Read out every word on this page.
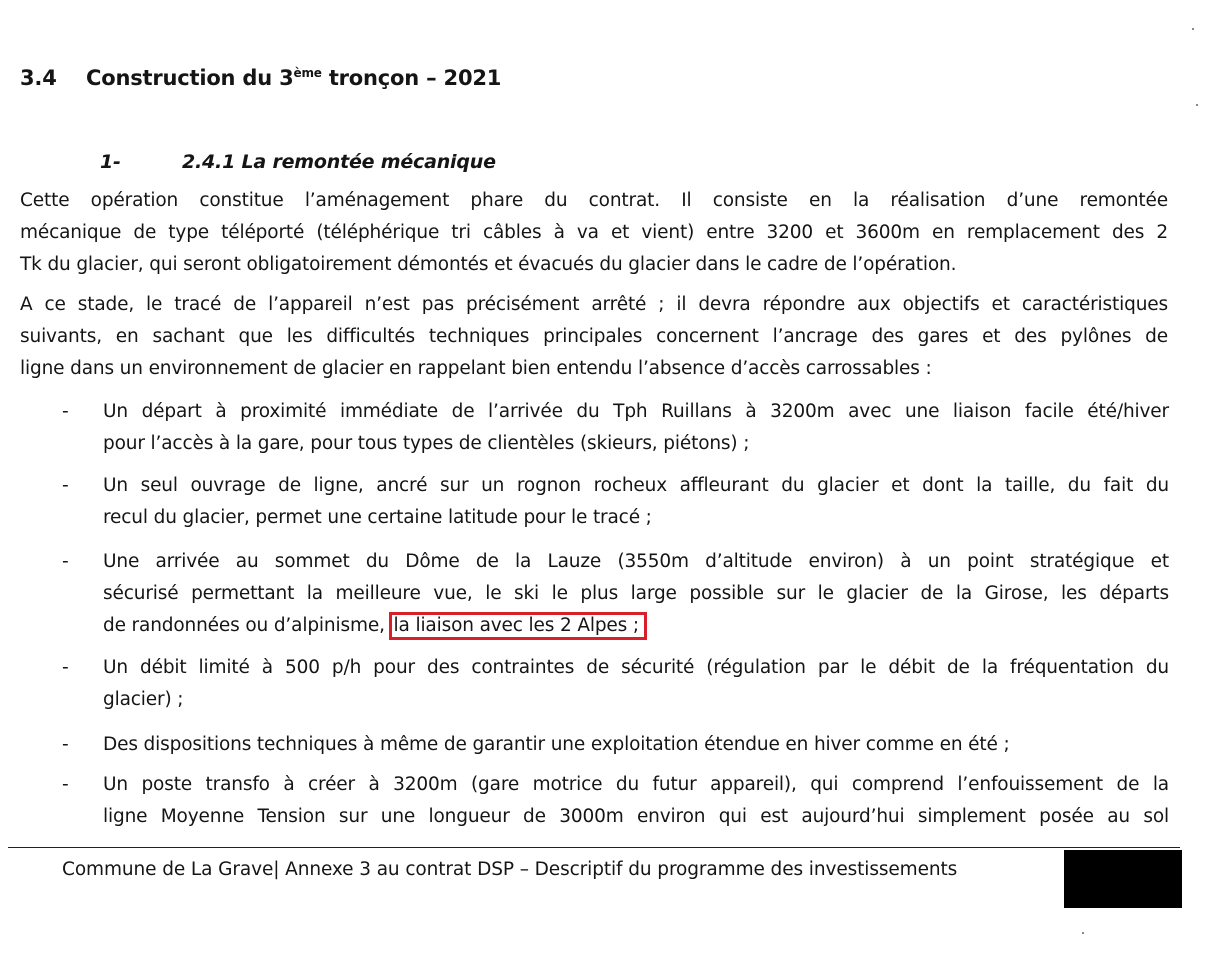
3.4 Construction du 3ème tronçon – 2021
1-	2.4.1 La remontée mécanique
Cette opération constitue l’aménagement phare du contrat. Il consiste en la réalisation d’une remontée
mécanique de type téléporté (téléphérique tri câbles à va et vient) entre 3200 et 3600m en remplacement des 2
Tk du glacier, qui seront obligatoirement démontés et évacués du glacier dans le cadre de l’opération.
A ce stade, le tracé de l’appareil n’est pas précisément arrêté ; il devra répondre aux objectifs et caractéristiques
suivants, en sachant que les difficultés techniques principales concernent l’ancrage des gares et des pylônes de
ligne dans un environnement de glacier en rappelant bien entendu l’absence d’accès carrossables :
- Un départ à proximité immédiate de l’arrivée du Tph Ruillans à 3200m avec une liaison facile été/hiver
pour l’accès à la gare, pour tous types de clientèles (skieurs, piétons) ;
- Un seul ouvrage de ligne, ancré sur un rognon rocheux affleurant du glacier et dont la taille, du fait du
recul du glacier, permet une certaine latitude pour le tracé ;
- Une arrivée au sommet du Dôme de la Lauze (3550m d’altitude environ) à un point stratégique et
sécurisé permettant la meilleure vue, le ski le plus large possible sur le glacier de la Girose, les départs
de randonnées ou d’alpinisme, la liaison avec les 2 Alpes ;
- Un débit limité à 500 p/h pour des contraintes de sécurité (régulation par le débit de la fréquentation du
glacier) ;
- Des dispositions techniques à même de garantir une exploitation étendue en hiver comme en été ;
- Un poste transfo à créer à 3200m (gare motrice du futur appareil), qui comprend l’enfouissement de la
ligne Moyenne Tension sur une longueur de 3000m environ qui est aujourd’hui simplement posée au sol
Commune de La Grave| Annexe 3 au contrat DSP – Descriptif du programme des investissements
